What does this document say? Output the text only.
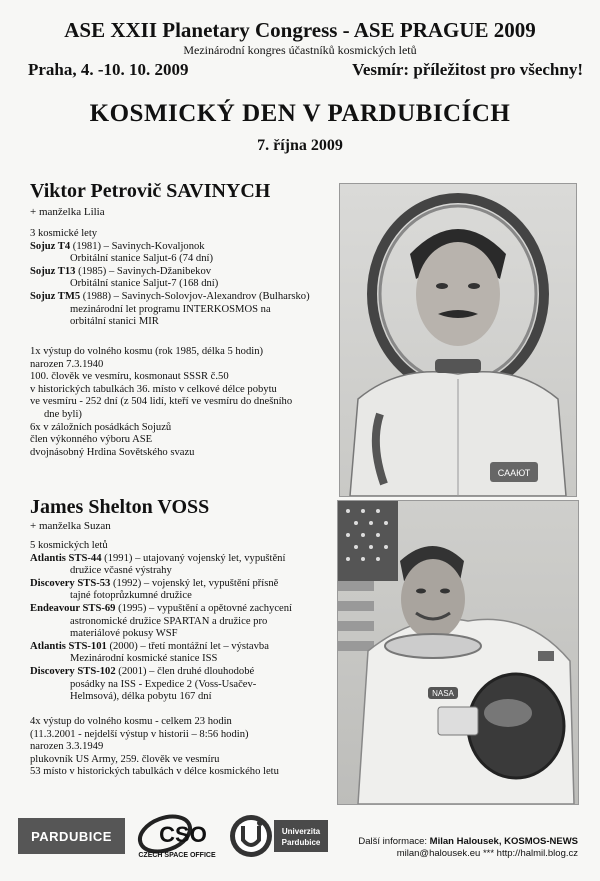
ASE XXII Planetary Congress - ASE PRAGUE 2009
Mezinárodní kongres účastníků kosmických letů
Praha, 4. -10. 10. 2009	Vesmír: příležitost pro všechny!
KOSMICKÝ DEN V PARDUBICÍCH
7. října 2009
Viktor Petrovič SAVINYCH
+ manželka Lilia
3 kosmické lety
Sojuz T4 (1981) – Savinych-Kovaljonok
Orbitální stanice Saljut-6 (74 dní)
Sojuz T13 (1985) – Savinych-Džanibekov
Orbitální stanice Saljut-7 (168 dní)
Sojuz TM5 (1988) – Savinych-Solovjov-Alexandrov (Bulharsko)
mezinárodní let programu INTERKOSMOS na
orbitální stanici MIR
1x výstup do volného kosmu (rok 1985, délka 5 hodin)
narozen 7.3.1940
100. člověk ve vesmíru, kosmonaut SSSR č.50
v historických tabulkách 36. místo v celkové délce pobytu
ve vesmíru - 252 dní (z 504 lidí, kteří ve vesmíru do dnešního
dne byli)
6x v záložních posádkách Sojuzů
člen výkonného výboru ASE
dvojnásobný Hrdina Sovětského svazu
СААЮТ
James Shelton VOSS
+ manželka Suzan
5 kosmických letů
Atlantis STS-44 (1991) – utajovaný vojenský let, vypuštění
družice včasné výstrahy
Discovery STS-53 (1992) – vojenský let, vypuštění přísně
tajné fotoprůzkumné družice
Endeavour STS-69 (1995) – vypuštění a opětovné zachycení
astronomické družice SPARTAN a družice pro
materiálové pokusy WSF
Atlantis STS-101 (2000) – třetí montážní let – výstavba
Mezinárodní kosmické stanice ISS
Discovery STS-102 (2001) – člen druhé dlouhodobé
posádky na ISS - Expedice 2 (Voss-Usačev-
Helmsová), délka pobytu 167 dní
4x výstup do volného kosmu - celkem 23 hodin
(11.3.2001 - nejdelší výstup v historii – 8:56 hodin)
narozen 3.3.1949
plukovník US Army, 259. člověk ve vesmíru
53 místo v historických tabulkách v délce kosmického letu
NASA
PARDUBICE	CSO
CZECH SPACE OFFICE
Univerzita
Pardubice	Další informace: Milan Halousek, KOSMOS-NEWS
milan@halousek.eu *** http://halmil.blog.cz
